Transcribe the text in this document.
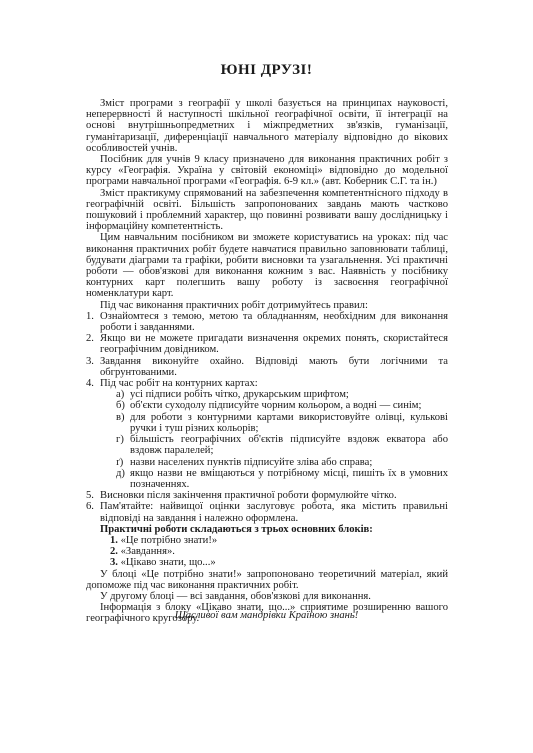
ЮНІ ДРУЗІ!

Зміст програми з географії у школі базується на принципах науковості, неперервності й наступності шкільної географічної освіти, її інтеграції на основі внутрішньопредметних і міжпредметних зв'язків, гуманізації, гуманітаризації, диференціації навчального матеріалу відповідно до вікових особливостей учнів.

Посібник для учнів 9 класу призначено для виконання практичних робіт з курсу «Географія. Україна у світовій економіці» відповідно до модельної програми навчальної програми «Географія. 6-9 кл.» (авт. Коберник С.Г. та ін.)

Зміст практикуму спрямований на забезпечення компетентнісного підходу в географічній освіті. Більшість запропонованих завдань мають частково пошуковий і проблемний характер, що повинні розвивати вашу дослідницьку і інформаційну компетентність.

Цим навчальним посібником ви зможете користуватись на уроках: під час виконання практичних робіт будете навчатися правильно заповнювати таблиці, будувати діаграми та графіки, робити висновки та узагальнення. Усі практичні роботи — обов'язкові для виконання кожним з вас. Наявність у посібнику контурних карт полегшить вашу роботу із засвоєння географічної номенклатури карт.

Під час виконання практичних робіт дотримуйтесь правил:

1. Ознайомтеся з темою, метою та обладнанням, необхідним для виконання роботи і завданнями.
2. Якщо ви не можете пригадати визначення окремих понять, скористайтеся географічним довідником.
3. Завдання виконуйте охайно. Відповіді мають бути логічними та обгрунтованими.
4. Під час робіт на контурних картах:
а) усі підписи робіть чітко, друкарським шрифтом;
б) об'єкти суходолу підписуйте чорним кольором, а водні — синім;
в) для роботи з контурними картами використовуйте олівці, кулькові ручки і туш різних кольорів;
г) більшість географічних об'єктів підписуйте вздовж екватора або вздовж паралелей;
ґ) назви населених пунктів підписуйте зліва або справа;
д) якщо назви не вміщаються у потрібному місці, пишіть їх в умовних позначеннях.
5. Висновки після закінчення практичної роботи формулюйте чітко.
6. Пам'ятайте: найвищої оцінки заслуговує робота, яка містить правильні відповіді на завдання і належно оформлена.

Практичні роботи складаються з трьох основних блоків:

1. «Це потрібно знати!»
2. «Завдання».
3. «Цікаво знати, що...»

У блоці «Це потрібно знати!» запропоновано теоретичний матеріал, який допоможе під час виконання практичних робіт.

У другому блоці — всі завдання, обов'язкові для виконання.

Інформація з блоку «Цікаво знати, що...» сприятиме розширенню вашого географічного кругозору.

Щасливої вам мандрівки Країною знань!
